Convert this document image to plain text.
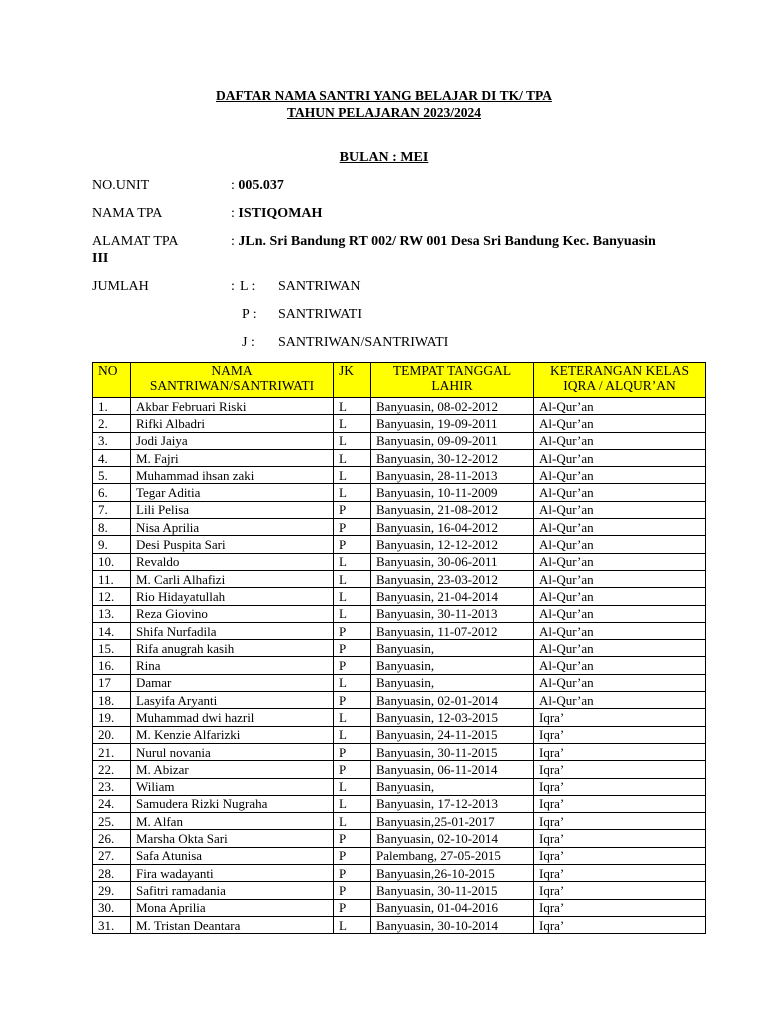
DAFTAR NAMA SANTRI YANG BELAJAR DI TK/ TPA
TAHUN PELAJARAN 2023/2024
BULAN : MEI
NO.UNIT	: 005.037
NAMA TPA	: ISTIQOMAH
ALAMAT TPA	: JLn. Sri Bandung RT 002/ RW 001 Desa Sri Bandung Kec. Banyuasin
III
JUMLAH	: L : SANTRIWAN
P : SANTRIWATI
J : SANTRIWAN/SANTRIWATI
NO	NAMA SANTRIWAN/SANTRIWATI	JK	TEMPAT TANGGAL LAHIR	KETERANGAN KELAS IQRA / ALQUR’AN
1.	Akbar Februari Riski	L	Banyuasin, 08-02-2012	Al-Qur’an
2.	Rifki Albadri	L	Banyuasin, 19-09-2011	Al-Qur’an
3.	Jodi Jaiya	L	Banyuasin, 09-09-2011	Al-Qur’an
4.	M. Fajri	L	Banyuasin, 30-12-2012	Al-Qur’an
5.	Muhammad ihsan zaki	L	Banyuasin, 28-11-2013	Al-Qur’an
6.	Tegar Aditia	L	Banyuasin, 10-11-2009	Al-Qur’an
7.	Lili Pelisa	P	Banyuasin, 21-08-2012	Al-Qur’an
8.	Nisa Aprilia	P	Banyuasin, 16-04-2012	Al-Qur’an
9.	Desi Puspita Sari	P	Banyuasin, 12-12-2012	Al-Qur’an
10.	Revaldo	L	Banyuasin, 30-06-2011	Al-Qur’an
11.	M. Carli Alhafizi	L	Banyuasin, 23-03-2012	Al-Qur’an
12.	Rio Hidayatullah	L	Banyuasin, 21-04-2014	Al-Qur’an
13.	Reza Giovino	L	Banyuasin, 30-11-2013	Al-Qur’an
14.	Shifa Nurfadila	P	Banyuasin, 11-07-2012	Al-Qur’an
15.	Rifa anugrah kasih	P	Banyuasin,	Al-Qur’an
16.	Rina	P	Banyuasin,	Al-Qur’an
17	Damar	L	Banyuasin,	Al-Qur’an
18.	Lasyifa Aryanti	P	Banyuasin, 02-01-2014	Al-Qur’an
19.	Muhammad dwi hazril	L	Banyuasin, 12-03-2015	Iqra’
20.	M. Kenzie Alfarizki	L	Banyuasin, 24-11-2015	Iqra’
21.	Nurul novania	P	Banyuasin, 30-11-2015	Iqra’
22.	M. Abizar	P	Banyuasin, 06-11-2014	Iqra’
23.	Wiliam	L	Banyuasin,	Iqra’
24.	Samudera Rizki Nugraha	L	Banyuasin, 17-12-2013	Iqra’
25.	M. Alfan	L	Banyuasin,25-01-2017	Iqra’
26.	Marsha Okta Sari	P	Banyuasin, 02-10-2014	Iqra’
27.	Safa Atunisa	P	Palembang, 27-05-2015	Iqra’
28.	Fira wadayanti	P	Banyuasin,26-10-2015	Iqra’
29.	Safitri ramadania	P	Banyuasin, 30-11-2015	Iqra’
30.	Mona Aprilia	P	Banyuasin, 01-04-2016	Iqra’
31.	M. Tristan Deantara	L	Banyuasin, 30-10-2014	Iqra’
